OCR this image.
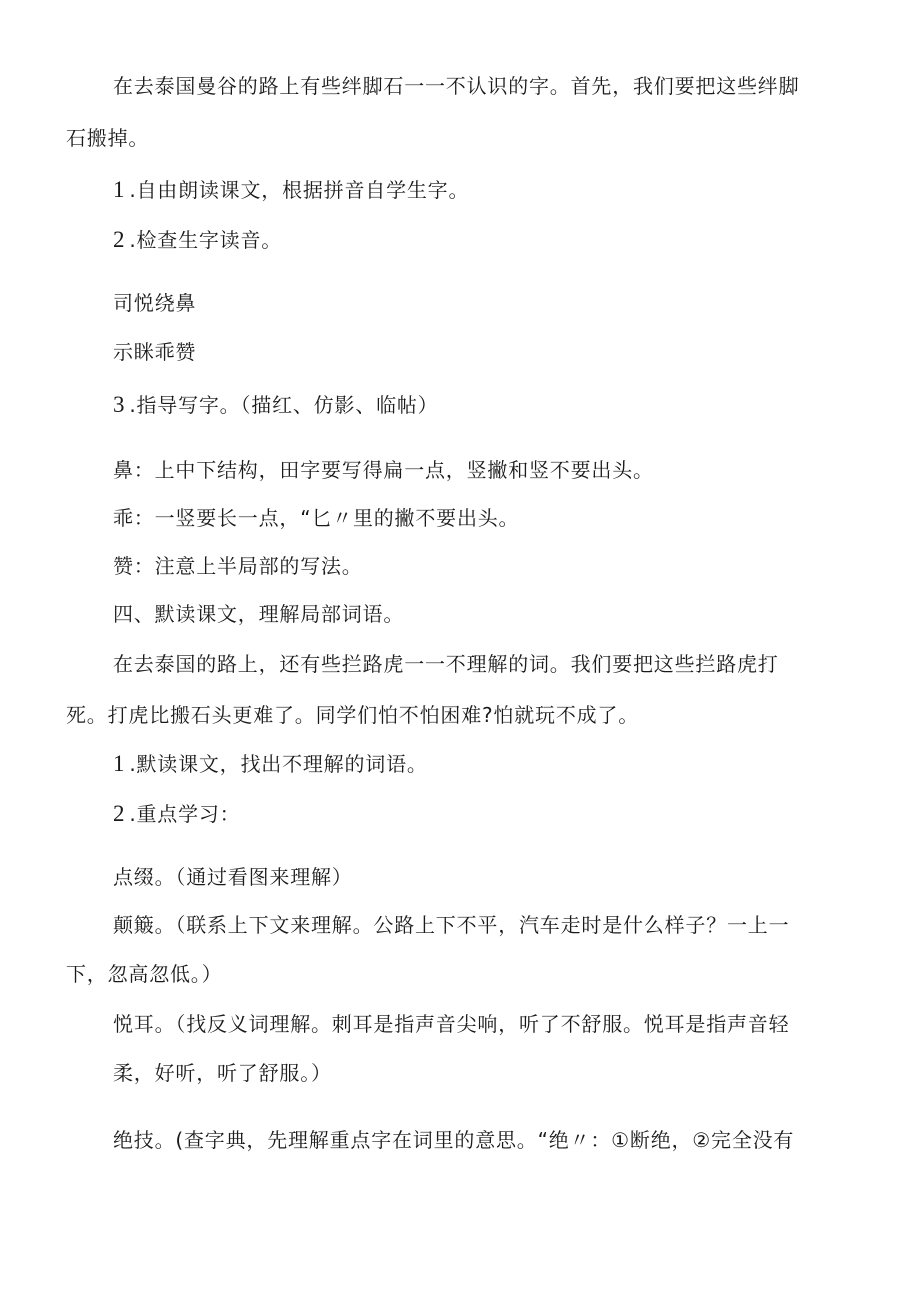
在去泰国曼谷的路上有些绊脚石一一不认识的字。首先，我们要把这些绊脚
石搬掉。
1 .自由朗读课文，根据拼音自学生字。
2 .检查生字读音。
司悦绕鼻
示眯乖赞
3 .指导写字。（描红、仿影、临帖）
鼻：上中下结构，田字要写得扁一点，竖撇和竖不要出头。
乖：一竖要长一点，“匕〃里的撇不要出头。
赞：注意上半局部的写法。
四、默读课文，理解局部词语。
在去泰国的路上，还有些拦路虎一一不理解的词。我们要把这些拦路虎打
死。打虎比搬石头更难了。同学们怕不怕困难?怕就玩不成了。
1 .默读课文，找出不理解的词语。
2 .重点学习：
点缀。（通过看图来理解）
颠簸。（联系上下文来理解。公路上下不平，汽车走时是什么样子？一上一
下，忽高忽低。）
悦耳。（找反义词理解。刺耳是指声音尖响，听了不舒服。悦耳是指声音轻
柔，好听，听了舒服。）
绝技。(查字典，先理解重点字在词里的意思。“绝〃：①断绝，②完全没有
